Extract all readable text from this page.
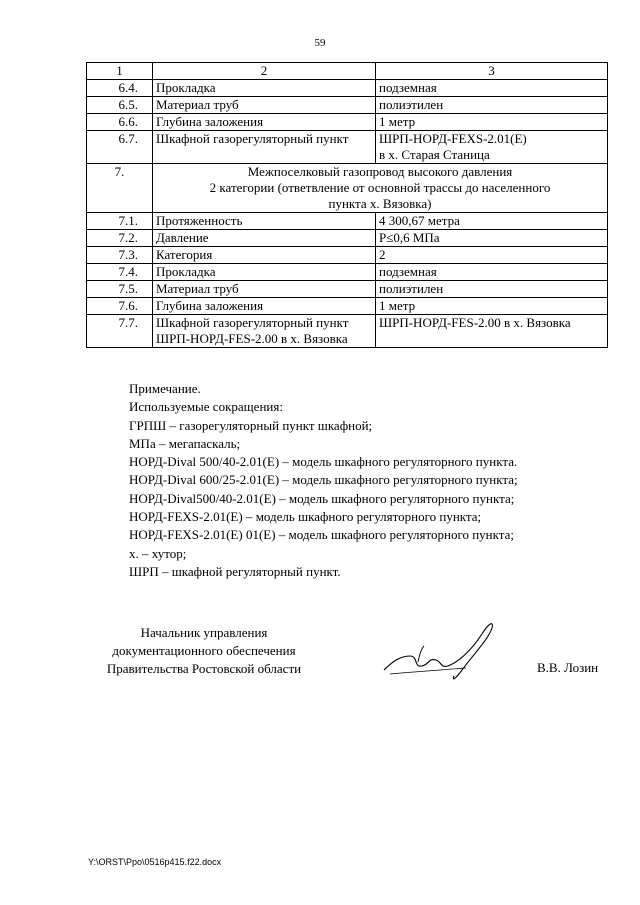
59
1	2	3
6.4.	Прокладка	подземная
6.5.	Материал труб	полиэтилен
6.6.	Глубина заложения	1 метр
6.7.	Шкафной газорегуляторный пункт	ШРП-НОРД-FEXS-2.01(Е)
в х. Старая Станица

7.	Межпоселковый газопровод высокого давления
2 категории (ответвление от основной трассы до населенного
пункта х. Вязовка)	

7.1.	Протяженность	4 300,67 метра
7.2.	Давление	Р≤0,6 МПа
7.3.	Категория	2
7.4.	Прокладка	подземная
7.5.	Материал труб	полиэтилен
7.6.	Глубина заложения	1 метр
7.7.	Шкафной газорегуляторный пункт
ШРП-НОРД-FES-2.00 в х. Вязовка	ШРП-НОРД-FES-2.00 в х. Вязовка
Примечание.
Используемые сокращения:
ГРПШ – газорегуляторный пункт шкафной;
МПа – мегапаскаль;
НОРД-Dival 500/40-2.01(Е) – модель шкафного регуляторного пункта.
НОРД-Dival 600/25-2.01(Е) – модель шкафного регуляторного пункта;
НОРД-Dival500/40-2.01(Е) – модель шкафного регуляторного пункта;
НОРД-FEXS-2.01(Е) – модель шкафного регуляторного пункта;
НОРД-FEXS-2.01(Е) 01(Е) – модель шкафного регуляторного пункта;
х. – хутор;
ШРП – шкафной регуляторный пункт.
Начальник управления
документационного обеспечения
Правительства Ростовской области	В.В. Лозин
Y:\ORST\Ppo\0516p415.f22.docx
